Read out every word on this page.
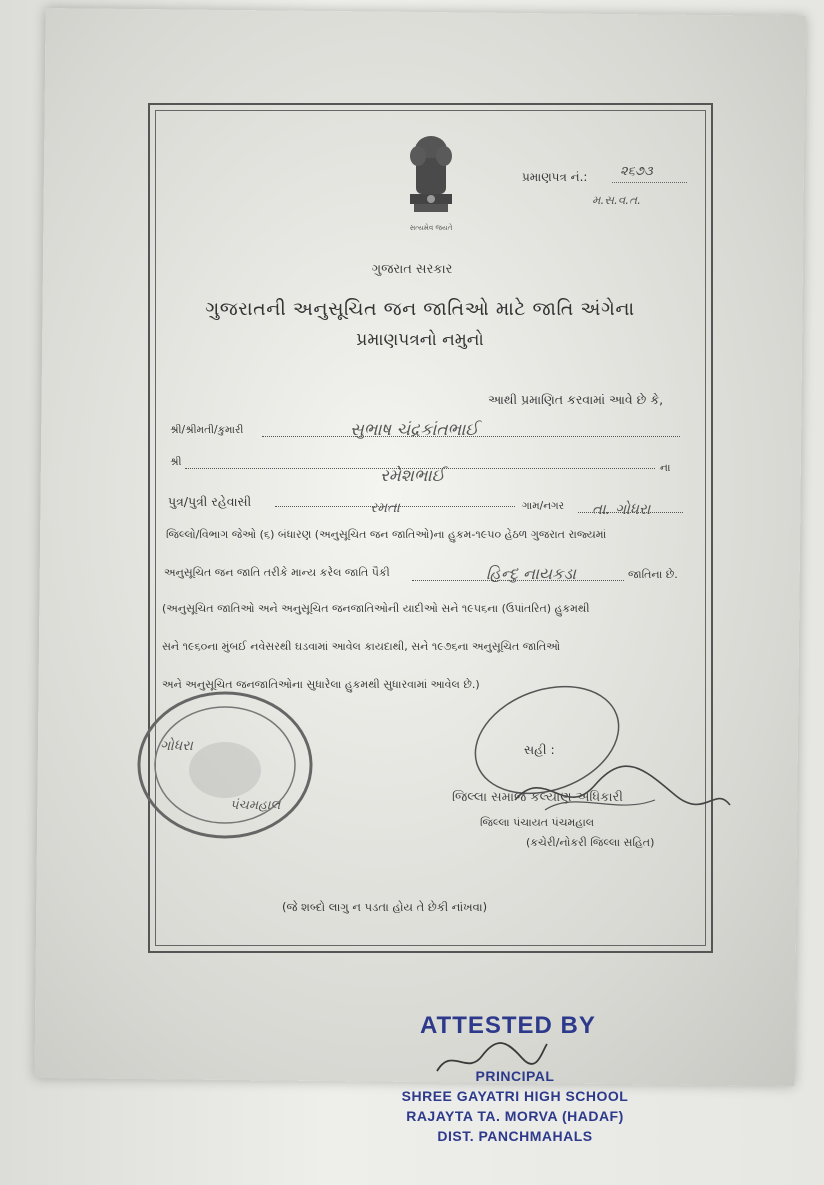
સત્યમેવ જયતે
પ્રમાણપત્ર નં.:	૨૬૭૩
મ.સ.વ.ત.
ગુજરાત સરકાર
ગુજરાતની અનુસૂચિત જન જાતિઓ માટે જાતિ અંગેના
પ્રમાણપત્રનો નમુનો
આથી પ્રમાણિત કરવામાં આવે છે કે,
શ્રી/શ્રીમતી/કુમારી	સુભાષ ચંદ્રકાંતભાઈ
શ્રી
રમેશભાઈ	ના
પુત્ર/પુત્રી રહેવાસી	રમતા	ગામ/નગર તા. ગોધરા
જિલ્લો/વિભાગ જેઓ (૬) બંધારણ (અનુસૂચિત જન જાતિઓ)ના હુકમ-૧૯૫૦ હેઠળ ગુજરાત રાજ્યમાં
અનુસૂચિત જન જાતિ તરીકે માન્ય કરેલ જાતિ પૈકી	હિન્દુ નાયકડા	જાતિના છે.
(અનુસૂચિત જાતિઓ અને અનુસૂચિત જનજાતિઓની યાદીઓ સને ૧૯૫૬ના (ઉપાંતરિત) હુકમથી
સને ૧૯૬૦ના મુંબઈ નવેસરથી ઘડવામાં આવેલ કાયદાથી, સને ૧૯૭૬ના અનુસૂચિત જાતિઓ
અને અનુસૂચિત જનજાતિઓના સુધારેલા હુકમથી સુધારવામાં આવેલ છે.)
સહી :
જિલ્લા સમાજ કલ્યાણ અધિકારી
જિલ્લા પંચાયત પંચમહાલ
(કચેરી/નોકરી જિલ્લા સહિત)
ગોધરા
પંચમહાલ
(જે શબ્દો લાગુ ન પડતા હોય તે છેકી નાંખવા)
ATTESTED BY
PRINCIPAL
SHREE GAYATRI HIGH SCHOOL
RAJAYTA TA. MORVA (HADAF)
DIST. PANCHMAHALS
